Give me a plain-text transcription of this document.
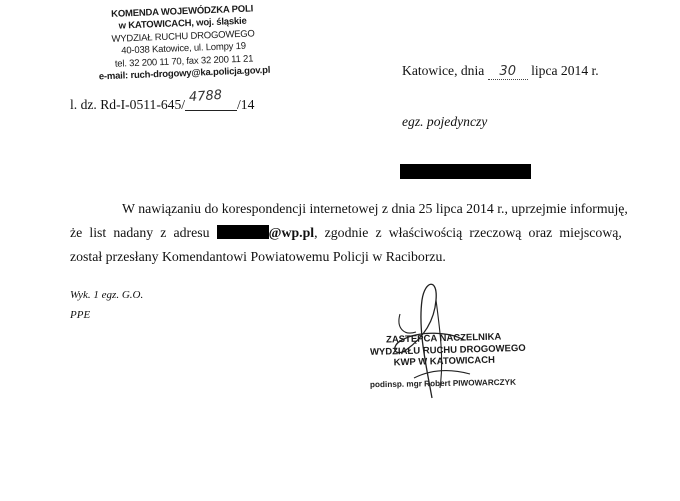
KOMENDA WOJEWÓDZKA POLI
w KATOWICACH, woj. śląskie
WYDZIAŁ RUCHU DROGOWEGO
40-038 Katowice, ul. Lompy 19
tel. 32 200 11 70, fax 32 200 11 21
e-mail: ruch-drogowy@ka.policja.gov.pl
l. dz. Rd-I-0511-645/ 4788 /14
Katowice, dnia 30 lipca 2014 r.
egz. pojedynczy
W nawiązaniu do korespondencji internetowej z dnia 25 lipca 2014 r., uprzejmie informuję,
że list nadany z adresu	@wp.pl, zgodnie z właściwością rzeczową oraz miejscową,
został przesłany Komendantowi Powiatowemu Policji w Raciborzu.
Wyk. 1 egz. G.O.
PPE
ZASTĘPCA NACZELNIKA
WYDZIAŁU RUCHU DROGOWEGO
KWP W KATOWICACH
podinsp. mgr Robert PIWOWARCZYK
